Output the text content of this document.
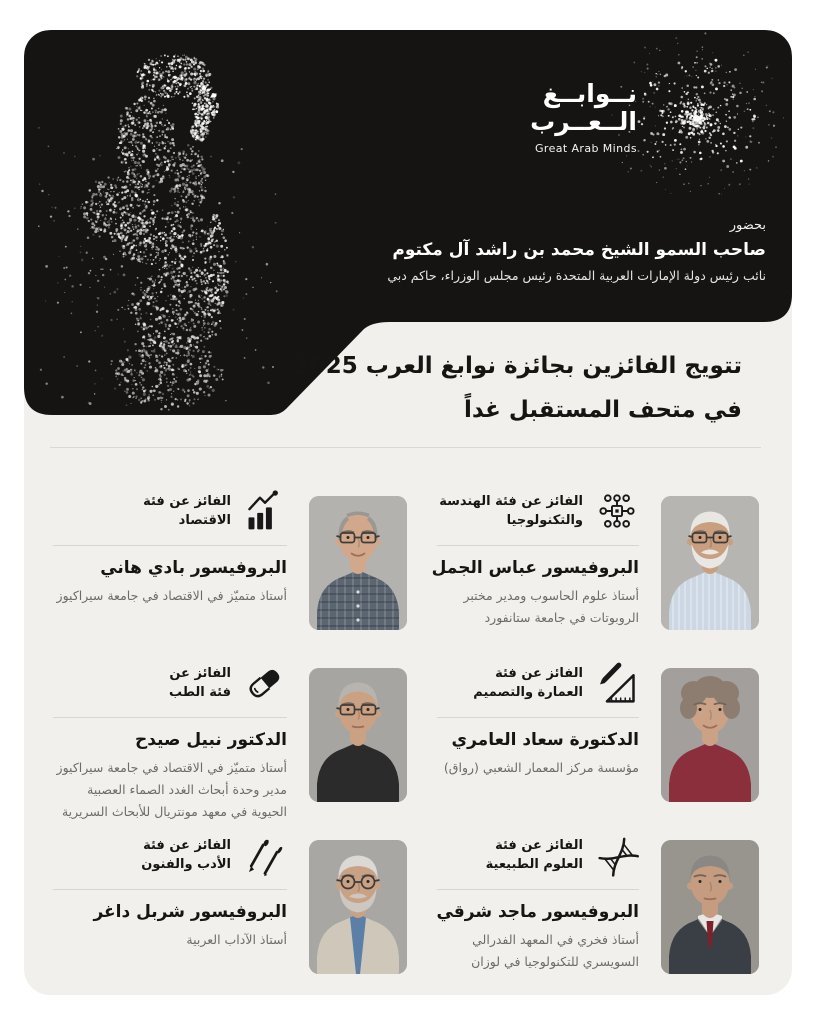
نــوابــغ
الــعــرب
Great Arab Minds
بحضور
صاحب السمو الشيخ محمد بن راشد آل مكتوم
نائب رئيس دولة الإمارات العربية المتحدة رئيس مجلس الوزراء، حاكم دبي
تتويج الفائزين بجائزة نوابغ العرب 2025
في متحف المستقبل غداً
الفائز عن فئة الهندسة
والتكنولوجيا
البروفيسور عباس الجمل
أستاذ علوم الحاسوب ومدير مختبر الروبوتات في جامعة ستانفورد
الفائز عن فئة
الاقتصاد
البروفيسور بادي هاني
أستاذ متميّز في الاقتصاد في جامعة سيراكيوز
الفائز عن فئة
العمارة والتصميم
الدكتورة سعاد العامري
مؤسسة مركز المعمار الشعبي (رواق)
الفائز عن
فئة الطب
الدكتور نبيل صيدح
أستاذ متميّز في الاقتصاد في جامعة سيراكيوز مدير وحدة أبحاث الغدد الصماء العصبية الحيوية في معهد مونتريال للأبحاث السريرية
الفائز عن فئة
العلوم الطبيعية
البروفيسور ماجد شرقي
أستاذ فخري في المعهد الفدرالي السويسري للتكنولوجيا في لوزان
الفائز عن فئة
الأدب والفنون
البروفيسور شربل داغر
أستاذ الآداب العربية
